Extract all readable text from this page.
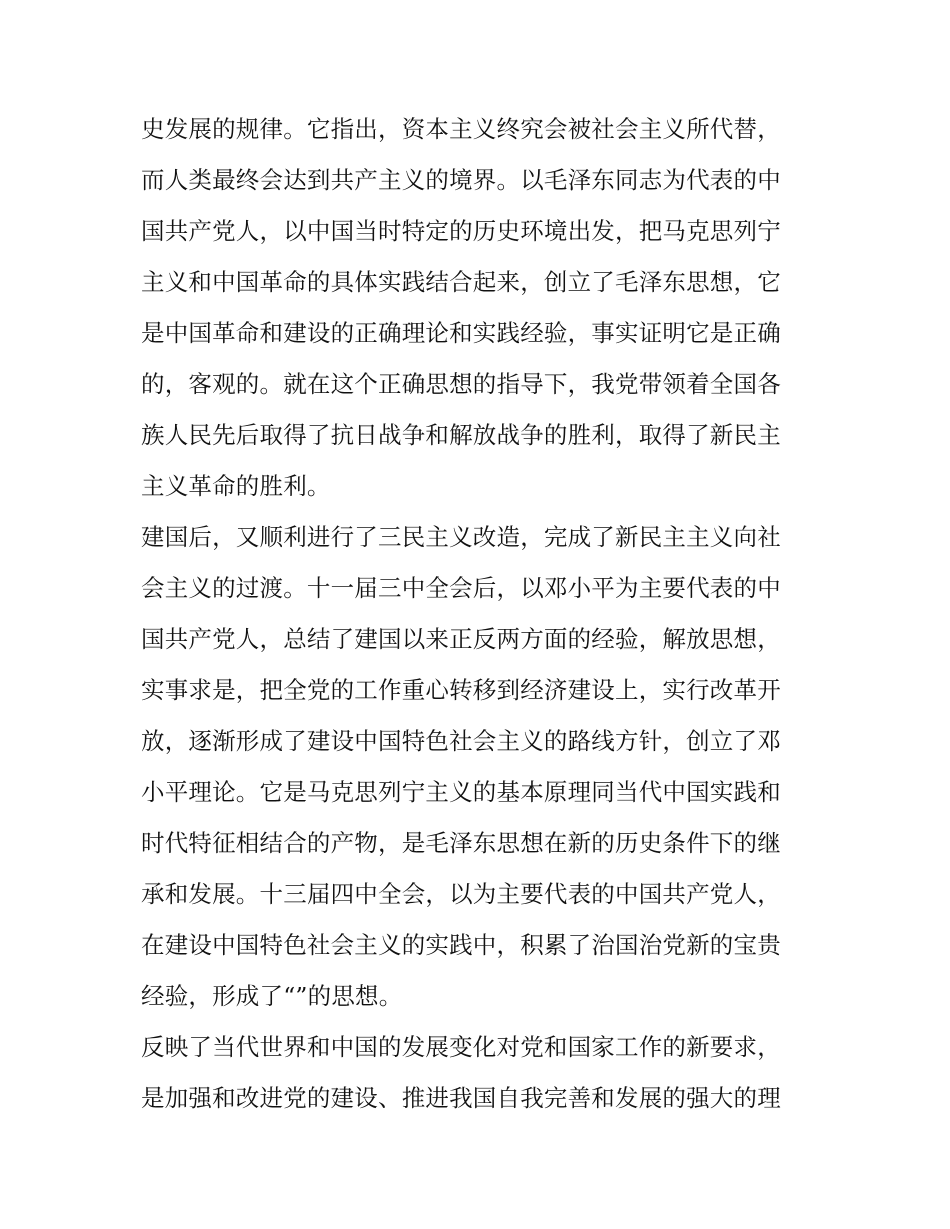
史发展的规律。它指出，资本主义终究会被社会主义所代替，
而人类最终会达到共产主义的境界。以毛泽东同志为代表的中
国共产党人，以中国当时特定的历史环境出发，把马克思列宁
主义和中国革命的具体实践结合起来，创立了毛泽东思想，它
是中国革命和建设的正确理论和实践经验，事实证明它是正确
的，客观的。就在这个正确思想的指导下，我党带领着全国各
族人民先后取得了抗日战争和解放战争的胜利，取得了新民主
主义革命的胜利。
建国后，又顺利进行了三民主义改造，完成了新民主主义向社
会主义的过渡。十一届三中全会后，以邓小平为主要代表的中
国共产党人，总结了建国以来正反两方面的经验，解放思想，
实事求是，把全党的工作重心转移到经济建设上，实行改革开
放，逐渐形成了建设中国特色社会主义的路线方针，创立了邓
小平理论。它是马克思列宁主义的基本原理同当代中国实践和
时代特征相结合的产物，是毛泽东思想在新的历史条件下的继
承和发展。十三届四中全会，以为主要代表的中国共产党人，
在建设中国特色社会主义的实践中，积累了治国治党新的宝贵
经验，形成了“”的思想。
反映了当代世界和中国的发展变化对党和国家工作的新要求，
是加强和改进党的建设、推进我国自我完善和发展的强大的理
